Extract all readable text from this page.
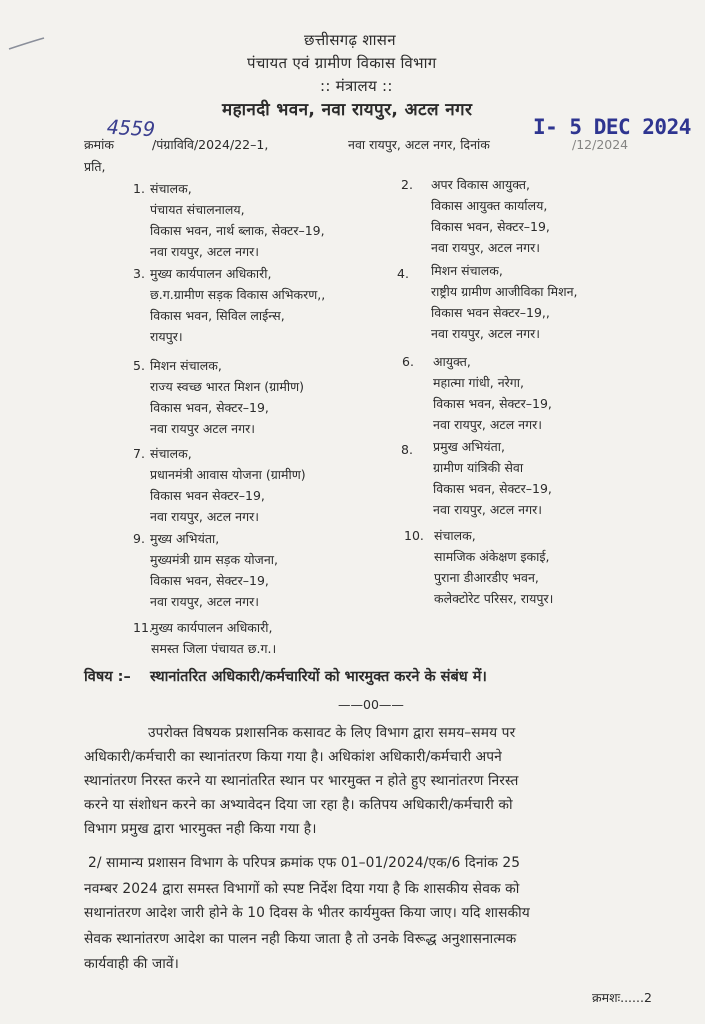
छत्तीसगढ़ शासन
पंचायत एवं ग्रामीण विकास विभाग
:: मंत्रालय ::
महानदी भवन, नवा रायपुर, अटल नगर
4559
क्रमांक	/पंग्राविवि/2024/22–1,	नवा रायपुर, अटल नगर, दिनांक	/12/2024
I- 5 DEC 2024
प्रति,
1. संचालक,
पंचायत संचालनालय,
विकास भवन, नार्थ ब्लाक, सेक्टर–19,
नवा रायपुर, अटल नगर।
3. मुख्य कार्यपालन अधिकारी,
छ.ग.ग्रामीण सड़क विकास अभिकरण,,
विकास भवन, सिविल लाईन्स,
रायपुर।
5. मिशन संचालक,
राज्य स्वच्छ भारत मिशन (ग्रामीण)
विकास भवन, सेक्टर–19,
नवा रायपुर अटल नगर।
7. संचालक,
प्रधानमंत्री आवास योजना (ग्रामीण)
विकास भवन सेक्टर–19,
नवा रायपुर, अटल नगर।
9. मुख्य अभियंता,
मुख्यमंत्री ग्राम सड़क योजना,
विकास भवन, सेक्टर–19,
नवा रायपुर, अटल नगर।
11.
मुख्य कार्यपालन अधिकारी,
समस्त जिला पंचायत छ.ग.।
2. अपर विकास आयुक्त,
विकास आयुक्त कार्यालय,
विकास भवन, सेक्टर–19,
नवा रायपुर, अटल नगर।
4. मिशन संचालक,
राष्ट्रीय ग्रामीण आजीविका मिशन,
विकास भवन सेक्टर–19,,
नवा रायपुर, अटल नगर।
6. आयुक्त,
महात्मा गांधी, नरेगा,
विकास भवन, सेक्टर–19,
नवा रायपुर, अटल नगर।
8. प्रमुख अभियंता,
ग्रामीण यांत्रिकी सेवा
विकास भवन, सेक्टर–19,
नवा रायपुर, अटल नगर।
10. संचालक,
सामजिक अंकेक्षण इकाई,
पुराना डीआरडीए भवन,
कलेक्टोरेट परिसर, रायपुर।
विषय :– स्थानांतरित अधिकारी/कर्मचारियों को भारमुक्त करने के संबंध में।
——00——
उपरोक्त विषयक प्रशासनिक कसावट के लिए विभाग द्वारा समय–समय पर
अधिकारी/कर्मचारी का स्थानांतरण किया गया है। अधिकांश अधिकारी/कर्मचारी अपने
स्थानांतरण निरस्त करने या स्थानांतरित स्थान पर भारमुक्त न होते हुए स्थानांतरण निरस्त
करने या संशोधन करने का अभ्यावेदन दिया जा रहा है। कतिपय अधिकारी/कर्मचारी को
विभाग प्रमुख द्वारा भारमुक्त नही किया गया है।
2/ सामान्य प्रशासन विभाग के परिपत्र क्रमांक एफ 01–01/2024/एक/6 दिनांक 25
नवम्बर 2024 द्वारा समस्त विभागों को स्पष्ट निर्देश दिया गया है कि शासकीय सेवक को
सथानांतरण आदेश जारी होने के 10 दिवस के भीतर कार्यमुक्त किया जाए। यदि शासकीय
सेवक स्थानांतरण आदेश का पालन नही किया जाता है तो उनके विरूद्ध अनुशासनात्मक
कार्यवाही की जावें।
क्रमशः......2
